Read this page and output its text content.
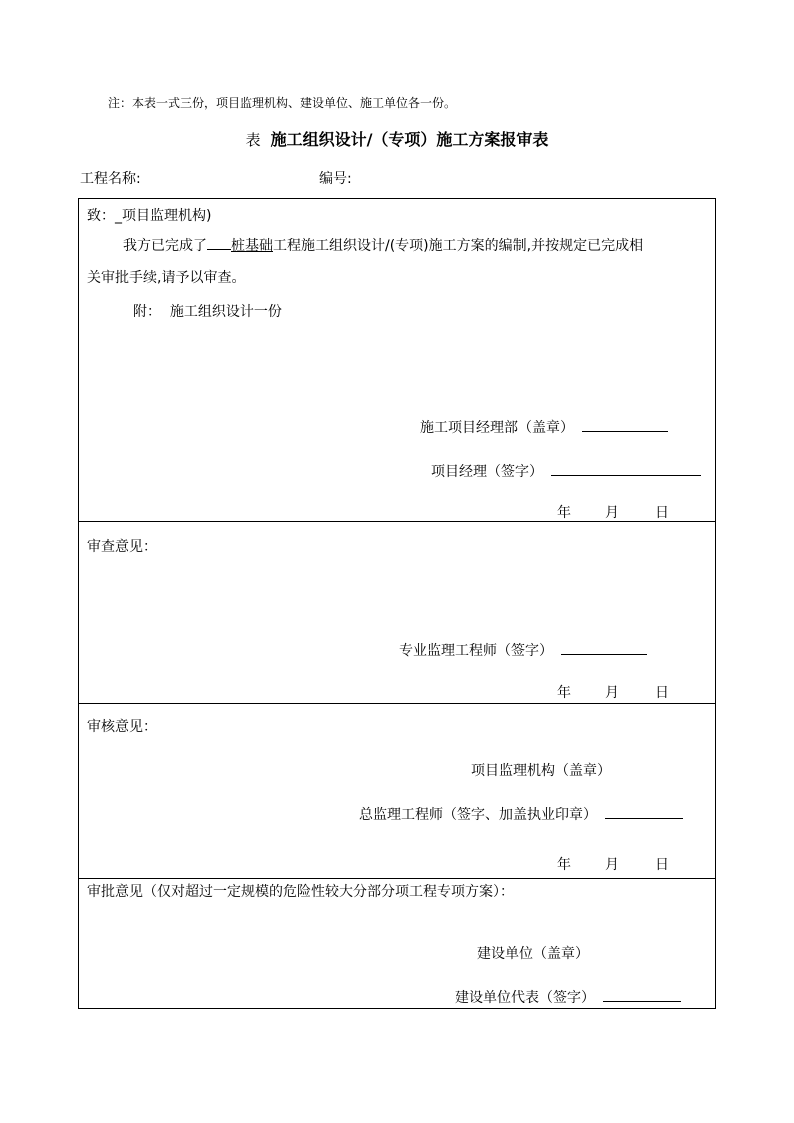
注：本表一式三份，项目监理机构、建设单位、施工单位各一份。
表 施工组织设计/（专项）施工方案报审表
工程名称:	编号:
致：_项目监理机构)
我方已完成了 桩基础工程施工组织设计/(专项)施工方案的编制,并按规定已完成相
关审批手续,请予以审查。
附： 施工组织设计一份
施工项目经理部（盖章）
项目经理（签字）
年 月	日
审查意见：
专业监理工程师（签字）
年 月	日
审核意见：
项目监理机构（盖章）
总监理工程师（签字、加盖执业印章）
年 月	日
审批意见（仅对超过一定规模的危险性较大分部分项工程专项方案）：
建设单位（盖章）
建设单位代表（签字）
